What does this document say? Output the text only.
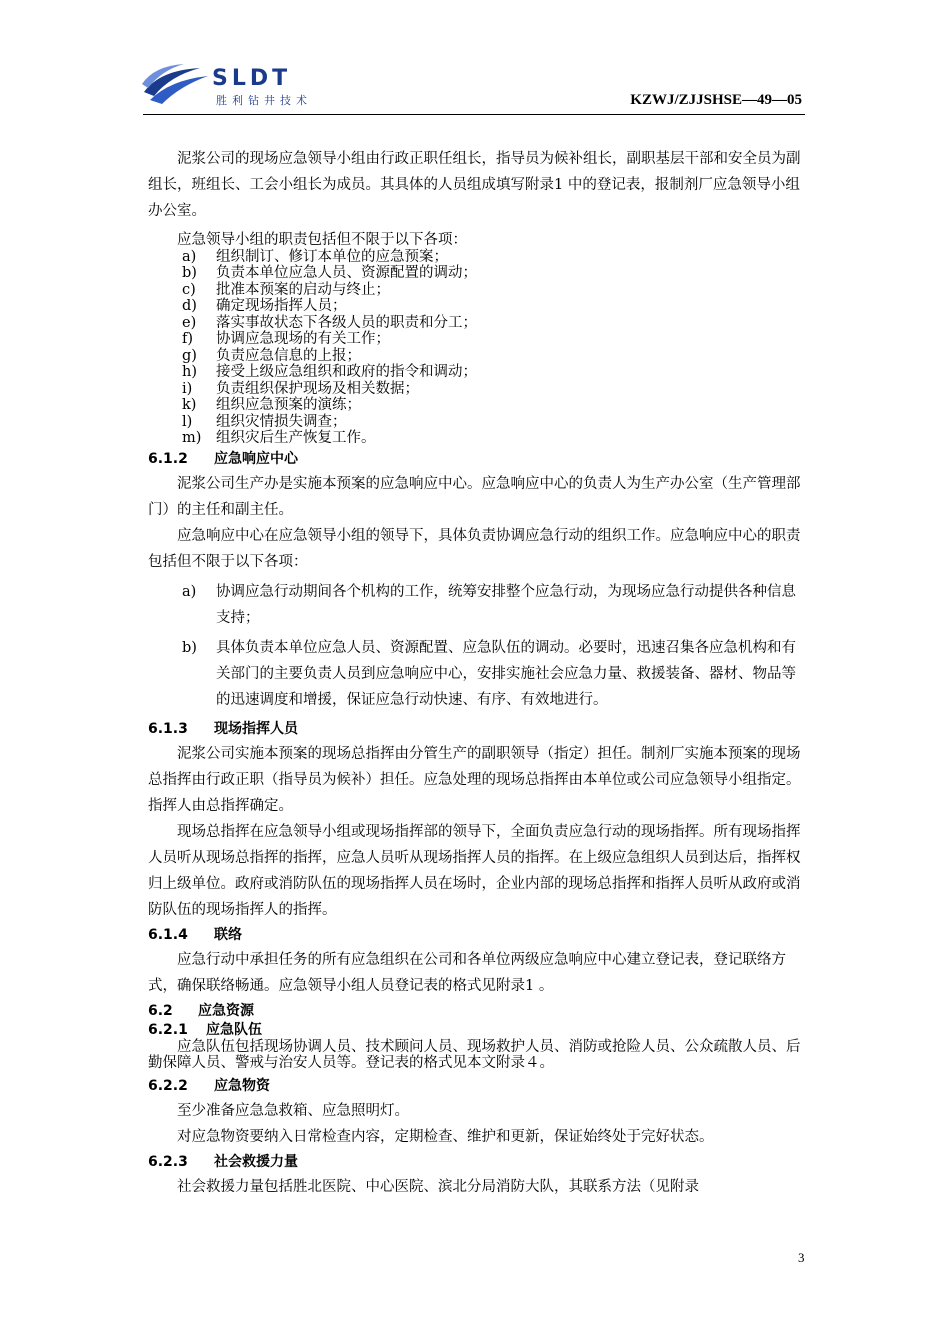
SLDT
胜利钻井技术	KZWJ/ZJJSHSE—49—05

泥浆公司的现场应急领导小组由行政正职任组长，指导员为候补组长，副职基层干部和安全员为副组长，班组长、工会小组长为成员。其具体的人员组成填写附录1 中的登记表，报制剂厂应急领导小组办公室。

应急领导小组的职责包括但不限于以下各项：

a) 组织制订、修订本单位的应急预案；
b) 负责本单位应急人员、资源配置的调动；
c) 批准本预案的启动与终止；
d) 确定现场指挥人员；
e) 落实事故状态下各级人员的职责和分工；
f) 协调应急现场的有关工作；
g) 负责应急信息的上报；
h) 接受上级应急组织和政府的指令和调动；
i) 负责组织保护现场及相关数据；
k) 组织应急预案的演练；
l) 组织灾情损失调查；
m) 组织灾后生产恢复工作。

6.1.2 应急响应中心

泥浆公司生产办是实施本预案的应急响应中心。应急响应中心的负责人为生产办公室（生产管理部门）的主任和副主任。

应急响应中心在应急领导小组的领导下，具体负责协调应急行动的组织工作。应急响应中心的职责包括但不限于以下各项：

a) 协调应急行动期间各个机构的工作，统筹安排整个应急行动，为现场应急行动提供各种信息支持；
b) 具体负责本单位应急人员、资源配置、应急队伍的调动。必要时，迅速召集各应急机构和有关部门的主要负责人员到应急响应中心，安排实施社会应急力量、救援装备、器材、物品等的迅速调度和增援，保证应急行动快速、有序、有效地进行。

6.1.3 现场指挥人员

泥浆公司实施本预案的现场总指挥由分管生产的副职领导（指定）担任。制剂厂实施本预案的现场总指挥由行政正职（指导员为候补）担任。应急处理的现场总指挥由本单位或公司应急领导小组指定。指挥人由总指挥确定。

现场总指挥在应急领导小组或现场指挥部的领导下，全面负责应急行动的现场指挥。所有现场指挥人员听从现场总指挥的指挥，应急人员听从现场指挥人员的指挥。在上级应急组织人员到达后，指挥权归上级单位。政府或消防队伍的现场指挥人员在场时，企业内部的现场总指挥和指挥人员听从政府或消防队伍的现场指挥人的指挥。

6.1.4 联络

应急行动中承担任务的所有应急组织在公司和各单位两级应急响应中心建立登记表，登记联络方式，确保联络畅通。应急领导小组人员登记表的格式见附录1 。

6.2 应急资源

6.2.1 应急队伍

应急队伍包括现场协调人员、技术顾问人员、现场救护人员、消防或抢险人员、公众疏散人员、后勤保障人员、警戒与治安人员等。登记表的格式见本文附录４。

6.2.2 应急物资

至少准备应急急救箱、应急照明灯。

对应急物资要纳入日常检查内容，定期检查、维护和更新，保证始终处于完好状态。

6.2.3 社会救援力量

社会救援力量包括胜北医院、中心医院、滨北分局消防大队，其联系方法（见附录

3
